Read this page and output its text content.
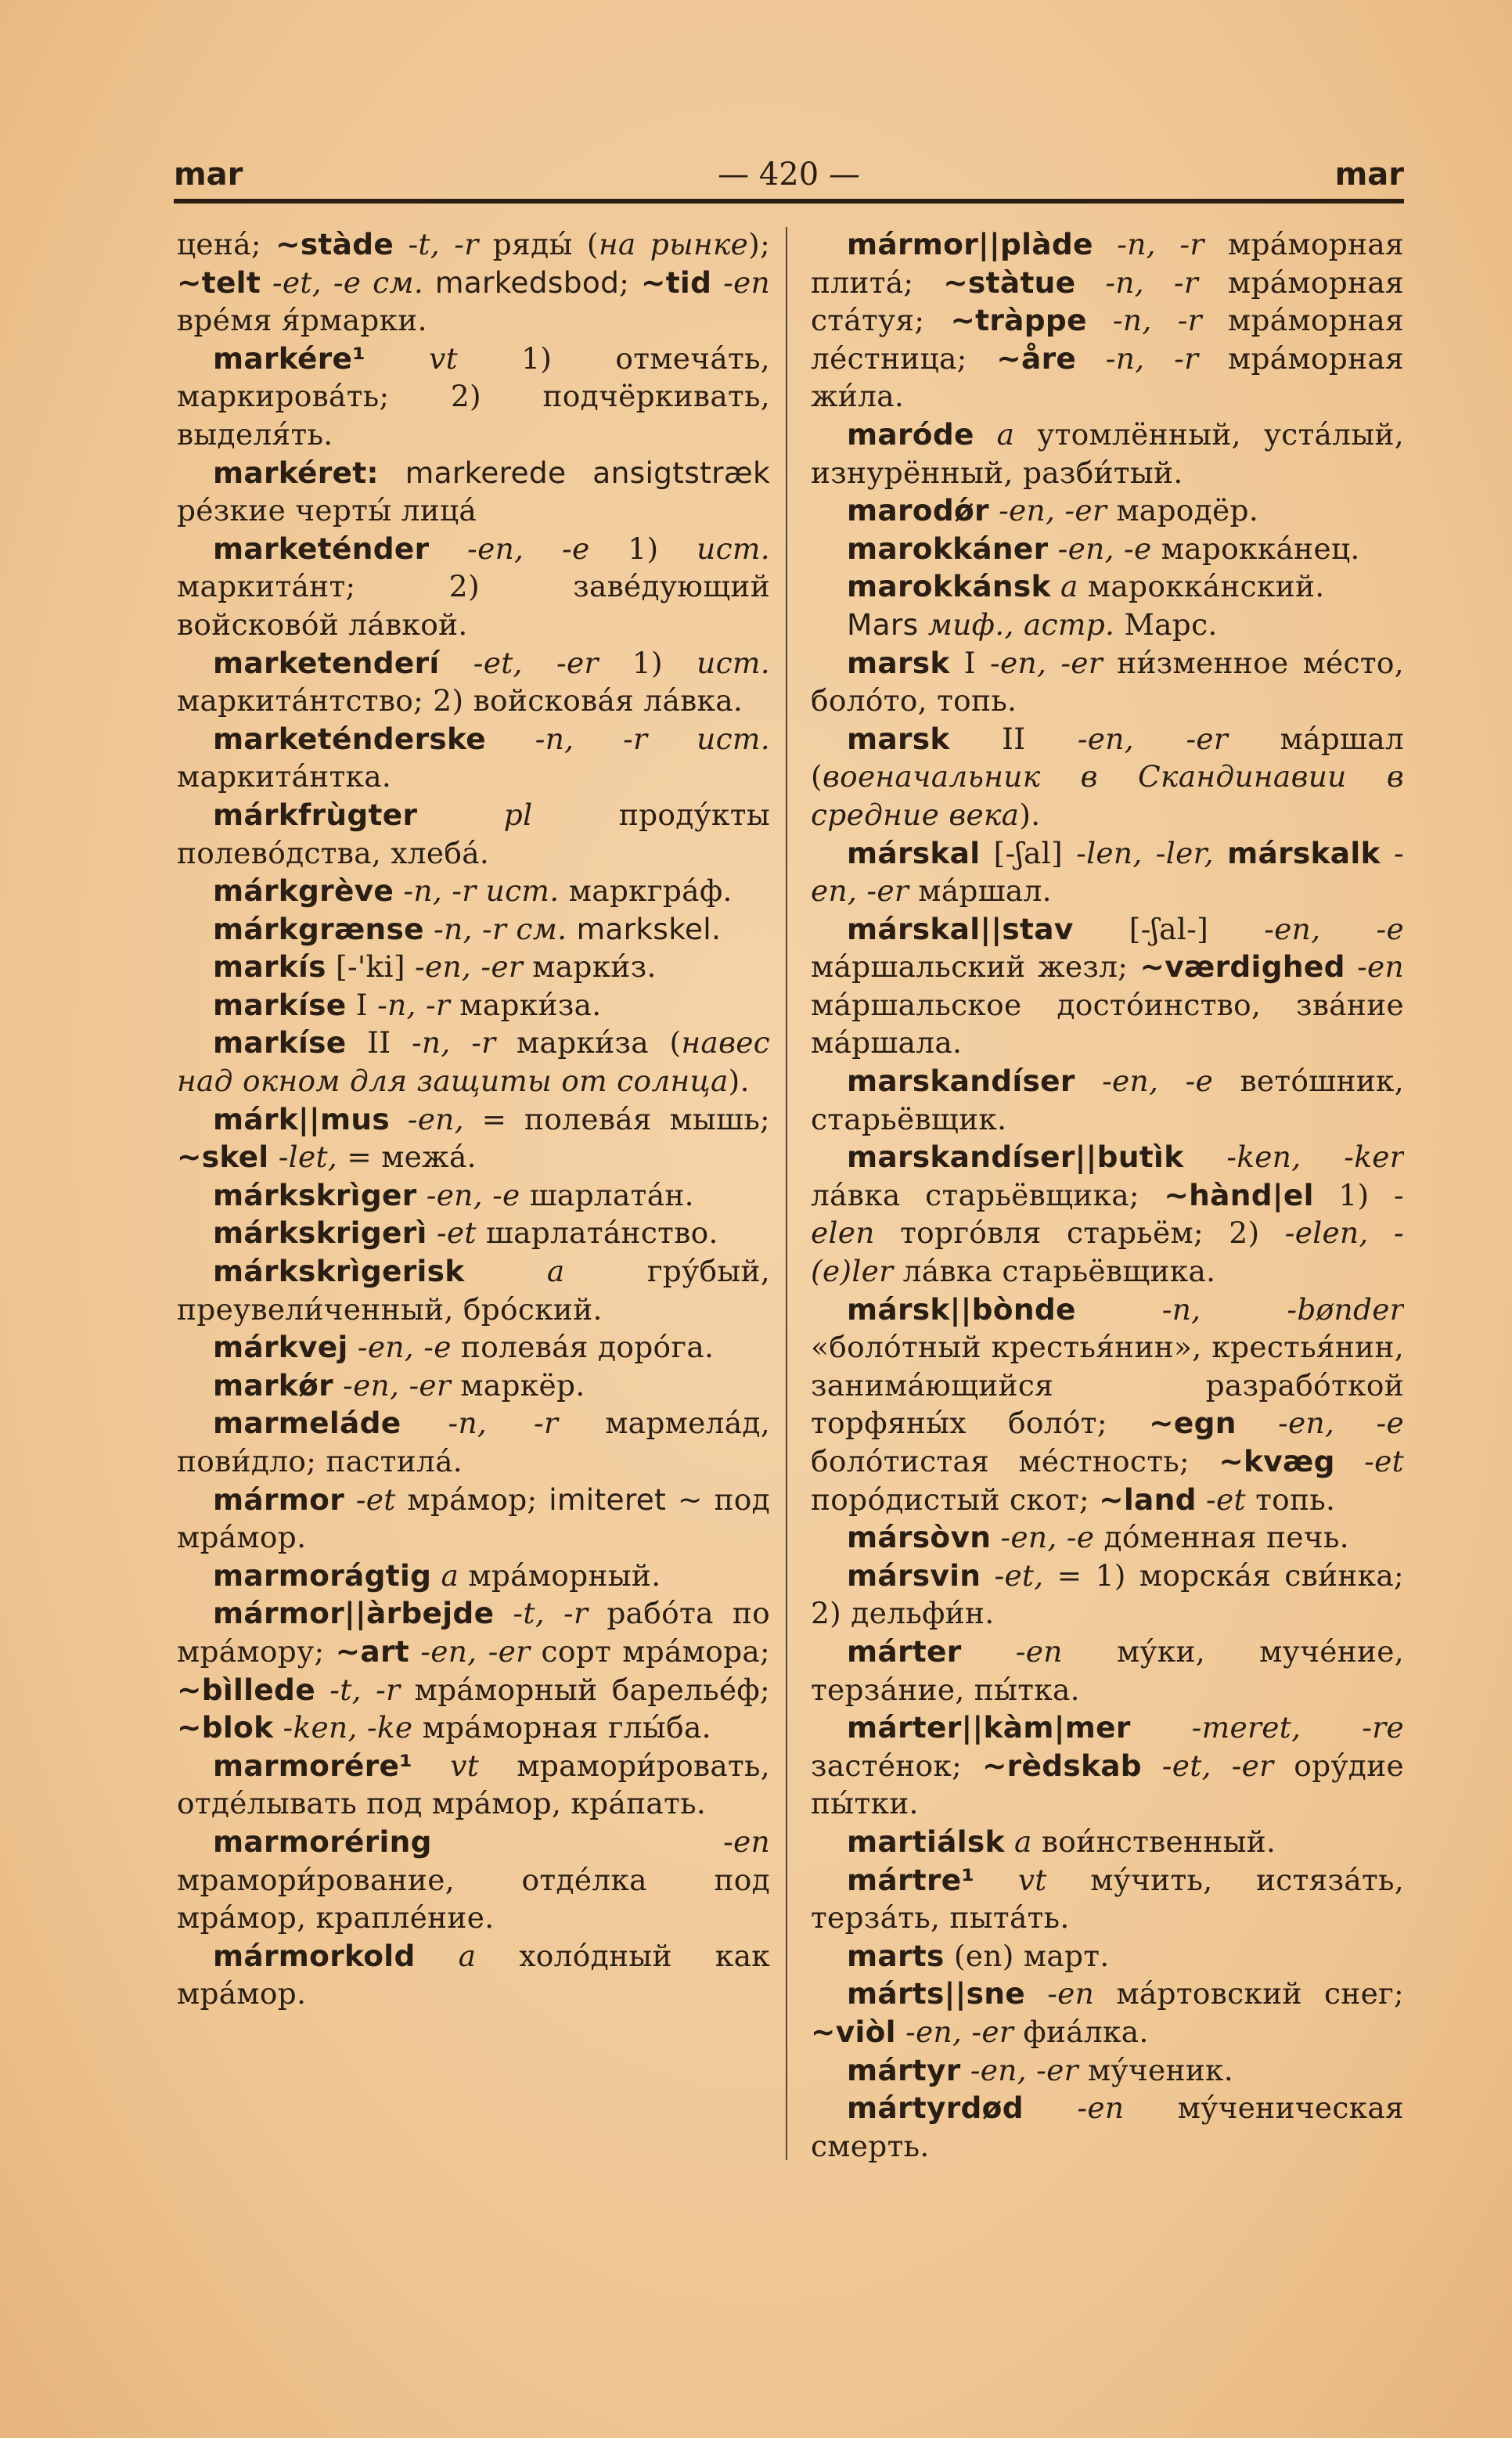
mar	— 420 —	mar

цена́; ~stàde -t, -r ряды́ (на рынке); ~telt -et, -e см. markedsbod; ~tid -en вре́мя я́рмарки.

markére¹ vt 1) отмеча́ть, маркирова́ть; 2) подчёркивать, выделя́ть.

markéret: markerede ansigtstræk ре́зкие черты́ лица́

marketénder -en, -e 1) ист. маркита́нт; 2) заве́дующий войсково́й ла́вкой.

marketenderí -et, -er 1) ист. маркита́нтство; 2) войскова́я ла́вка.

marketénderske -n, -r ист. маркита́нтка.

márkfrùgter pl проду́кты полево́дства, хлеба́.

márkgrève -n, -r ист. маркгра́ф.

márkgrænse -n, -r см. markskel.

markís [-'ki] -en, -er марки́з.

markíse I -n, -r марки́за.

markíse II -n, -r марки́за (навес над окном для защиты от солнца).

márk||mus -en, = полева́я мышь; ~skel -let, = межа́.

márkskrìger -en, -e шарлата́н.

márkskrigerì -et шарлата́нство.

márkskrìgerisk a гру́бый, преувели́ченный, бро́ский.

márkvej -en, -e полева́я доро́га.

markǿr -en, -er маркёр.

marmeláde -n, -r мармела́д, пови́дло; пастила́.

mármor -et мра́мор; imiteret ~ под мра́мор.

marmorágtig a мра́морный.

mármor||àrbejde -t, -r рабо́та по мра́мору; ~art -en, -er сорт мра́мора; ~bìllede -t, -r мра́морный барелье́ф; ~blok -ken, -ke мра́морная глы́ба.

marmorére¹ vt мрамори́ровать, отде́лывать под мра́мор, кра́пать.

marmoréring -en мрамори́рование, отде́лка под мра́мор, крапле́ние.

mármorkold a холо́дный как мра́мор.

mármor||plàde -n, -r мра́морная плита́; ~stàtue -n, -r мра́морная ста́туя; ~tràppe -n, -r мра́морная ле́стница; ~åre -n, -r мра́морная жи́ла.

maróde a утомлённый, уста́лый, изнурённый, разби́тый.

marodǿr -en, -er мародёр.

marokkáner -en, -e марокка́нец.

marokkánsk a марокка́нский.

Mars миф., астр. Марс.

marsk I -en, -er ни́зменное ме́сто, боло́то, топь.

marsk II -en, -er ма́ршал (военачальник в Скандинавии в средние века).

márskal [-ʃal] -len, -ler, márskalk -en, -er ма́ршал.

márskal||stav [-ʃal-] -en, -e ма́ршальский жезл; ~værdighed -en ма́ршальское досто́инство, зва́ние ма́ршала.

marskandíser -en, -e вето́шник, старьёвщик.

marskandíser||butìk -ken, -ker ла́вка старьёвщика; ~hànd|el 1) -elen торго́вля старьём; 2) -elen, -(e)ler ла́вка старьёвщика.

mársk||bònde -n, -bønder «боло́тный крестья́нин», крестья́нин, занима́ющийся разрабо́ткой торфяны́х боло́т; ~egn -en, -e боло́тистая ме́стность; ~kvæg -et поро́дистый скот; ~land -et топь.

mársòvn -en, -e до́менная печь.

mársvin -et, = 1) морска́я сви́нка; 2) дельфи́н.

márter -en му́ки, муче́ние, терза́ние, пы́тка.

márter||kàm|mer -meret, -re засте́нок; ~rèdskab -et, -er ору́дие пы́тки.

martiálsk a вои́нственный.

mártre¹ vt му́чить, истяза́ть, терза́ть, пыта́ть.

marts (en) март.

márts||sne -en ма́ртовский снег; ~viòl -en, -er фиа́лка.

mártyr -en, -er му́ченик.

mártyrdød -en му́ченическая смерть.
